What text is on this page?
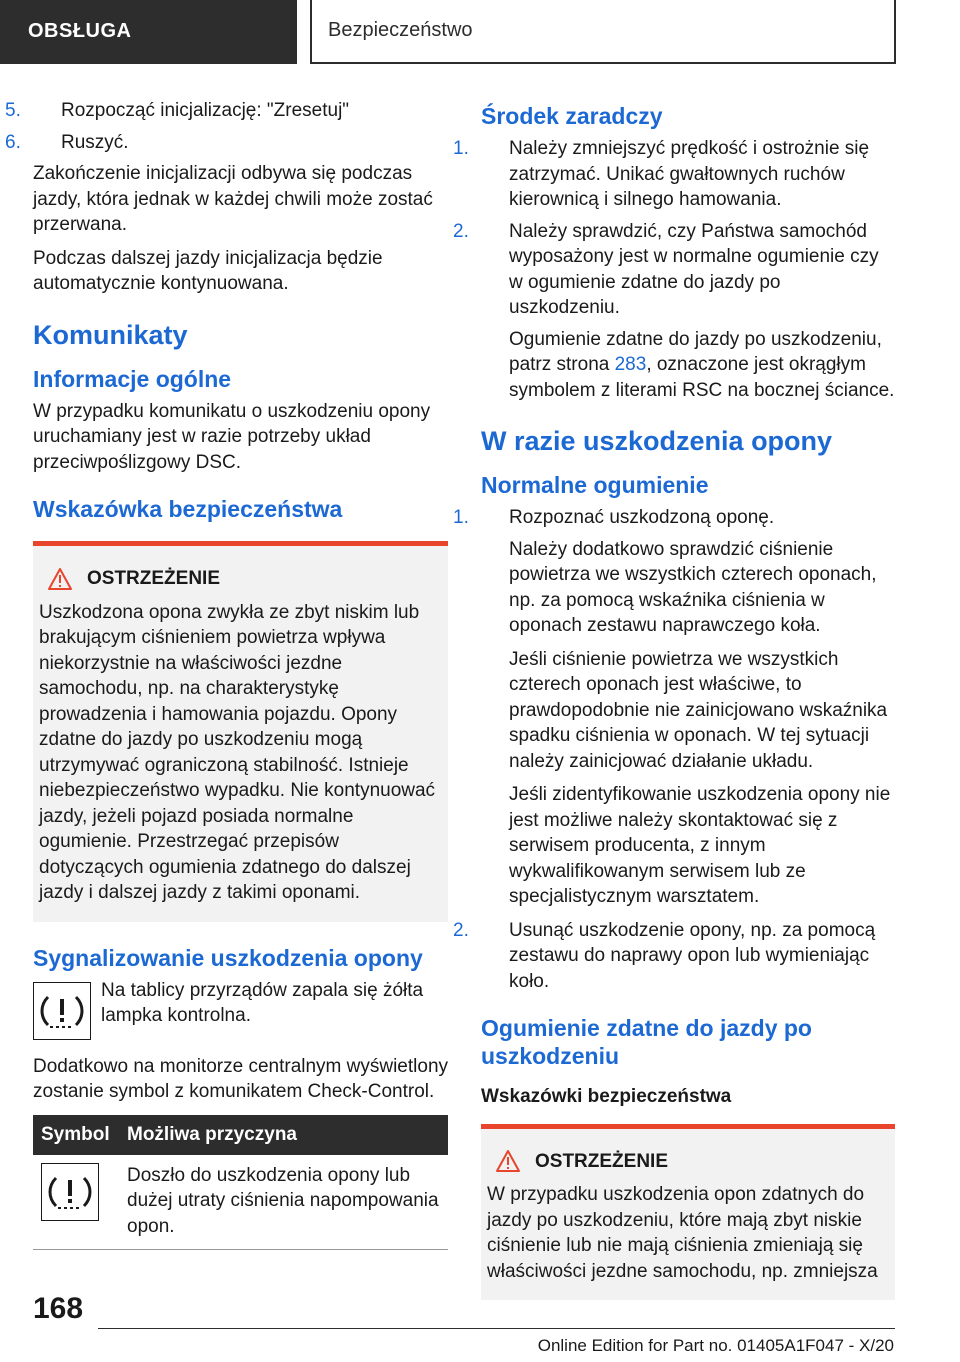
OBSŁUGA	Bezpieczeństwo

5. Rozpocząć inicjalizację: "Zresetuj"

6. Ruszyć.

Zakończenie inicjalizacji odbywa się podczas jazdy, która jednak w każdej chwili może zostać przerwana.

Podczas dalszej jazdy inicjalizacja będzie automatycznie kontynuowana.

Komunikaty
Informacje ogólne

W przypadku komunikatu o uszkodzeniu opony uruchamiany jest w razie potrzeby układ przeciwpoślizgowy DSC.

Wskazówka bezpieczeństwa
OSTRZEŻENIE
Uszkodzona opona zwykła ze zbyt niskim lub brakującym ciśnieniem powietrza wpływa niekorzystnie na właściwości jezdne samochodu, np. na charakterystykę prowadzenia i hamowania pojazdu. Opony zdatne do jazdy po uszkodzeniu mogą utrzymywać ograniczoną stabilność. Istnieje niebezpieczeństwo wypadku. Nie kontynuować jazdy, jeżeli pojazd posiada normalne ogumienie. Przestrzegać przepisów dotyczących ogumienia zdatnego do dalszej jazdy i dalszej jazdy z takimi oponami.
Sygnalizowanie uszkodzenia opony
Na tablicy przyrządów zapala się żółta lampka kontrolna.

Dodatkowo na monitorze centralnym wyświetlony zostanie symbol z komunikatem Check-Control.

Symbol	Możliwa przyczyna

	Doszło do uszkodzenia opony lub dużej utraty ciśnienia napompowania opon.
Środek zaradczy

1. Należy zmniejszyć prędkość i ostrożnie się zatrzymać. Unikać gwałtownych ruchów kierownicą i silnego hamowania.

2. Należy sprawdzić, czy Państwa samochód wyposażony jest w normalne ogumienie czy w ogumienie zdatne do jazdy po uszkodzeniu.

Ogumienie zdatne do jazdy po uszkodzeniu, patrz strona 283, oznaczone jest okrągłym symbolem z literami RSC na bocznej ściance.

W razie uszkodzenia opony
Normalne ogumienie

1. Rozpoznać uszkodzoną oponę.

Należy dodatkowo sprawdzić ciśnienie powietrza we wszystkich czterech oponach, np. za pomocą wskaźnika ciśnienia w oponach zestawu naprawczego koła.

Jeśli ciśnienie powietrza we wszystkich czterech oponach jest właściwe, to prawdopodobnie nie zainicjowano wskaźnika spadku ciśnienia w oponach. W tej sytuacji należy zainicjować działanie układu.

Jeśli zidentyfikowanie uszkodzenia opony nie jest możliwe należy skontaktować się z serwisem producenta, z innym wykwalifikowanym serwisem lub ze specjalistycznym warsztatem.

2. Usunąć uszkodzenie opony, np. za pomocą zestawu do naprawy opon lub wymieniając koło.

Ogumienie zdatne do jazdy po uszkodzeniu
Wskazówki bezpieczeństwa
OSTRZEŻENIE
W przypadku uszkodzenia opon zdatnych do jazdy po uszkodzeniu, które mają zbyt niskie ciśnienie lub nie mają ciśnienia zmieniają się właściwości jezdne samochodu, np. zmniejsza
168
Online Edition for Part no. 01405A1F047 - X/20
